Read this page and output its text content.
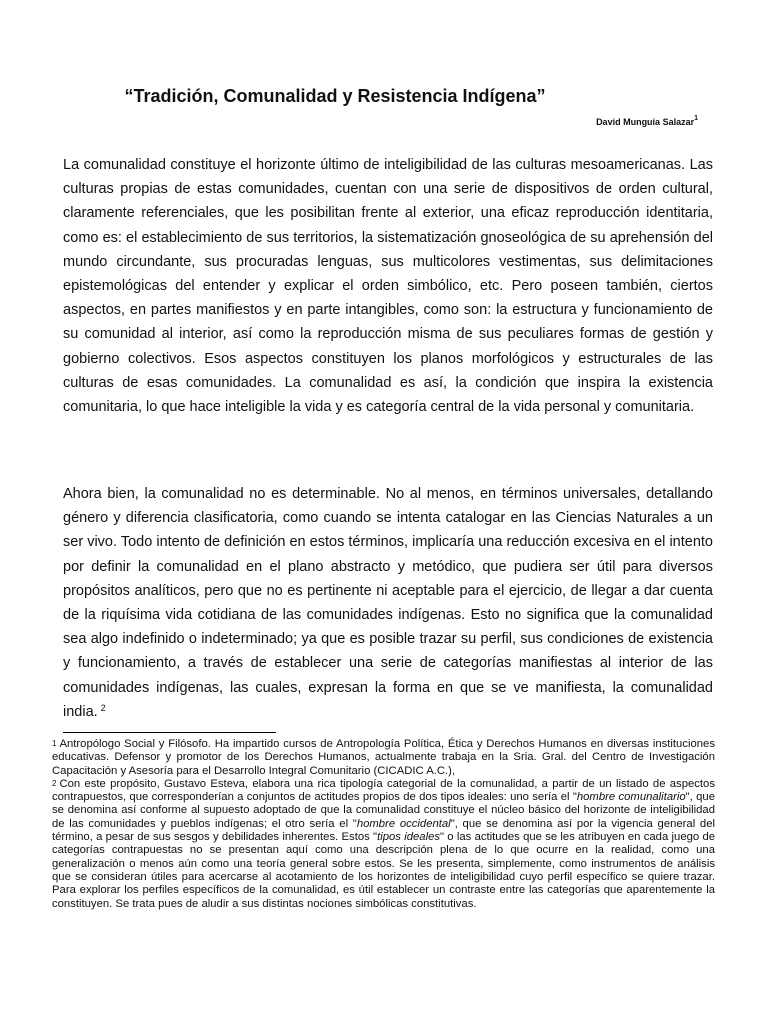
“Tradición, Comunalidad y Resistencia Indígena”
David Munguía Salazar$^1$

La comunalidad constituye el horizonte último de inteligibilidad de las culturas mesoamericanas. Las culturas propias de estas comunidades, cuentan con una serie de dispositivos de orden cultural, claramente referenciales, que les posibilitan frente al exterior, una eficaz reproducción identitaria, como es: el establecimiento de sus territorios, la sistematización gnoseológica de su aprehensión del mundo circundante, sus procuradas lenguas, sus multicolores vestimentas, sus delimitaciones epistemológicas del entender y explicar el orden simbólico, etc. Pero poseen también, ciertos aspectos, en partes manifiestos y en parte intangibles, como son: la estructura y funcionamiento de su comunidad al interior, así como la reproducción misma de sus peculiares formas de gestión y gobierno colectivos. Esos aspectos constituyen los planos morfológicos y estructurales de las culturas de esas comunidades. La comunalidad es así, la condición que inspira la existencia comunitaria, lo que hace inteligible la vida y es categoría central de la vida personal y comunitaria.

Ahora bien, la comunalidad no es determinable. No al menos, en términos universales, detallando género y diferencia clasificatoria, como cuando se intenta catalogar en las Ciencias Naturales a un ser vivo. Todo intento de definición en estos términos, implicaría una reducción excesiva en el intento por definir la comunalidad en el plano abstracto y metódico, que pudiera ser útil para diversos propósitos analíticos, pero que no es pertinente ni aceptable para el ejercicio, de llegar a dar cuenta de la riquísima vida cotidiana de las comunidades indígenas. Esto no significa que la comunalidad sea algo indefinido o indeterminado; ya que es posible trazar su perfil, sus condiciones de existencia y funcionamiento, a través de establecer una serie de categorías manifiestas al interior de las comunidades indígenas, las cuales, expresan la forma en que se ve manifiesta, la comunalidad india. $^2$

$^1$ Antropólogo Social y Filósofo. Ha impartido cursos de Antropología Política, Ética y Derechos Humanos en diversas instituciones educativas. Defensor y promotor de los Derechos Humanos, actualmente trabaja en la Sria. Gral. del Centro de Investigación Capacitación y Asesoría para el Desarrollo Integral Comunitario (CICADIC A.C.),

$^2$ Con este propósito, Gustavo Esteva, elabora una rica tipología categorial de la comunalidad, a partir de un listado de aspectos contrapuestos, que corresponderían a conjuntos de actitudes propios de dos tipos ideales: uno sería el "hombre comunalitario", que se denomina así conforme al supuesto adoptado de que la comunalidad constituye el núcleo básico del horizonte de inteligibilidad de las comunidades y pueblos indígenas; el otro sería el "hombre occidental", que se denomina así por la vigencia general del término, a pesar de sus sesgos y debilidades inherentes. Estos "tipos ideales" o las actitudes que se les atribuyen en cada juego de categorías contrapuestas no se presentan aquí como una descripción plena de lo que ocurre en la realidad, como una generalización o menos aún como una teoría general sobre estos. Se les presenta, simplemente, como instrumentos de análisis que se consideran útiles para acercarse al acotamiento de los horizontes de inteligibilidad cuyo perfil específico se quiere trazar. Para explorar los perfiles específicos de la comunalidad, es útil establecer un contraste entre las categorías que aparentemente la constituyen. Se trata pues de aludir a sus distintas nociones simbólicas constitutivas.
